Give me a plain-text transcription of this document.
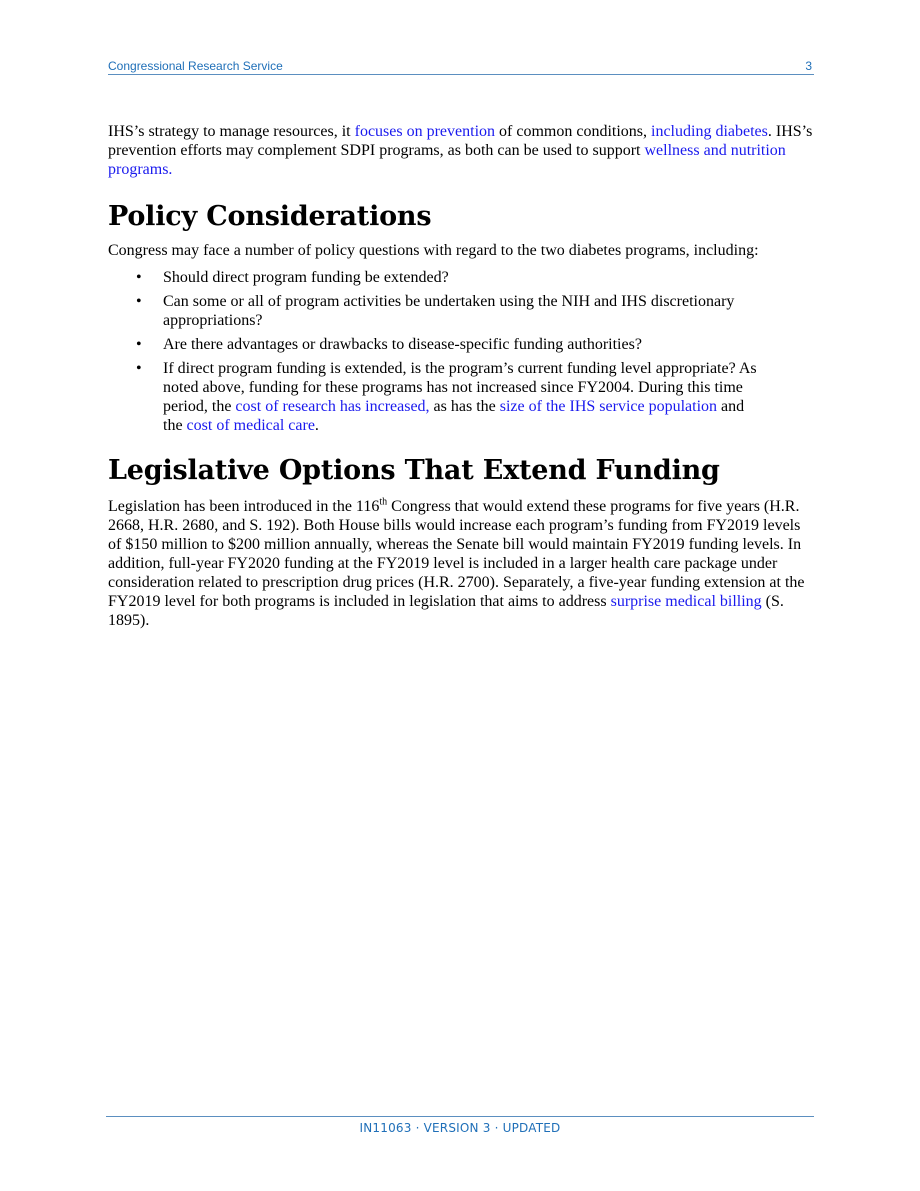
Congressional Research Service	3

IHS’s strategy to manage resources, it focuses on prevention of common conditions, including diabetes. IHS’s prevention efforts may complement SDPI programs, as both can be used to support wellness and nutrition programs.

Policy Considerations

Congress may face a number of policy questions with regard to the two diabetes programs, including:

• Should direct program funding be extended?
• Can some or all of program activities be undertaken using the NIH and IHS discretionary appropriations?
• Are there advantages or drawbacks to disease-specific funding authorities?
• If direct program funding is extended, is the program’s current funding level appropriate? As noted above, funding for these programs has not increased since FY2004. During this time period, the cost of research has increased, as has the size of the IHS service population and the cost of medical care.
Legislative Options That Extend Funding

Legislation has been introduced in the 116th Congress that would extend these programs for five years (H.R. 2668, H.R. 2680, and S. 192). Both House bills would increase each program’s funding from FY2019 levels of $150 million to $200 million annually, whereas the Senate bill would maintain FY2019 funding levels. In addition, full-year FY2020 funding at the FY2019 level is included in a larger health care package under consideration related to prescription drug prices (H.R. 2700). Separately, a five-year funding extension at the FY2019 level for both programs is included in legislation that aims to address surprise medical billing (S. 1895).

IN11063 · VERSION 3 · UPDATED
